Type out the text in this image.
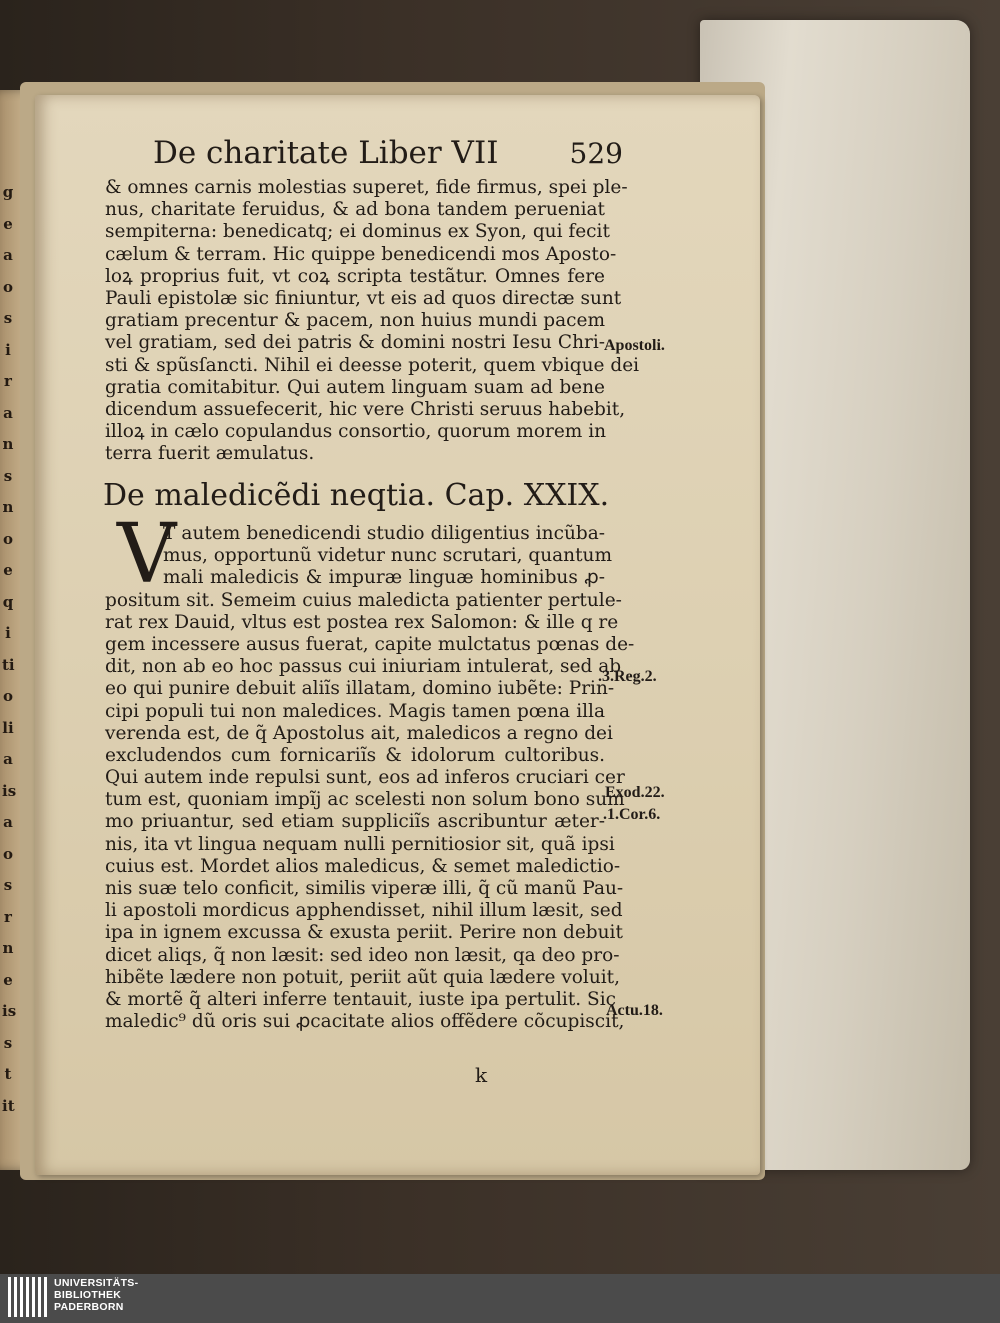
g
e
a
o
s
i
r
a
n
s
n
o
e
q
i
ti
o
li
a
is
a
o
s
r
n
e
is
s
t
it
De charitate Liber VII	529
& omnes carnis molestias superet, fide firmus, spei ple-
nus, charitate feruidus, & ad bona tandem perueniat
sempiterna: benedicatq; ei dominus ex Syon, qui fecit
cælum & terram. Hic quippe benedicendi mos Aposto-
loꝝ proprius fuit, vt coꝝ scripta testãtur. Omnes fere
Pauli epistolæ sic finiuntur, vt eis ad quos directæ sunt
gratiam precentur & pacem, non huius mundi pacem
vel gratiam, sed dei patris & domini nostri Iesu Chri-
sti & spũsſancti. Nihil ei deesse poterit, quem vbique dei
gratia comitabitur. Qui autem linguam suam ad bene
dicendum assuefecerit, hic vere Christi seruus habebit,
illoꝝ in cælo copulandus consortio, quorum morem in
terra fuerit æmulatus.
De maledicẽdi neqtia. Cap. XXIX.
V
T autem benedicendi studio diligentius incũba-
mus, opportunũ videtur nunc scrutari, quantum
mali maledicis & impuræ linguæ hominibus ꝓ-
positum sit. Semeim cuius maledicta patienter pertule-
rat rex Dauid, vltus est postea rex Salomon: & ille q re
gem incessere ausus fuerat, capite mulctatus pœnas de-
dit, non ab eo hoc passus cui iniuriam intulerat, sed ab
eo qui punire debuit aliĩs illatam, domino iubẽte: Prin-
cipi populi tui non maledices. Magis tamen pœna illa
verenda est, de q̃ Apostolus ait, maledicos a regno dei
excludendos cum fornicariĩs & idolorum cultoribus.
Qui autem inde repulsi sunt, eos ad inferos cruciari cer
tum est, quoniam impĩj ac scelesti non solum bono sum
mo priuantur, sed etiam suppliciĩs ascribuntur æter-
nis, ita vt lingua nequam nulli pernitiosior sit, quã ipsi
cuius est. Mordet alios maledicus, & semet maledictio-
nis suæ telo conficit, similis viperæ illi, q̃ cũ manũ Pau-
li apostoli mordicus apphendisset, nihil illum læsit, sed
ipa in ignem excussa & exusta periit. Perire non debuit
dicet aliqs, q̃ non læsit: sed ideo non læsit, qa deo pro-
hibẽte lædere non potuit, periit aũt quia lædere voluit,
& mortẽ q̃ alteri inferre tentauit, iuste ipa pertulit. Sic
maledic⁹ dũ oris sui ꝓcacitate alios offẽdere cõcupiscit,
k
Apostoli.
.3.Reg.2.
Exod.22.
.1.Cor.6.
Actu.18.
UNIVERSITÄTS-
BIBLIOTHEK
PADERBORN
